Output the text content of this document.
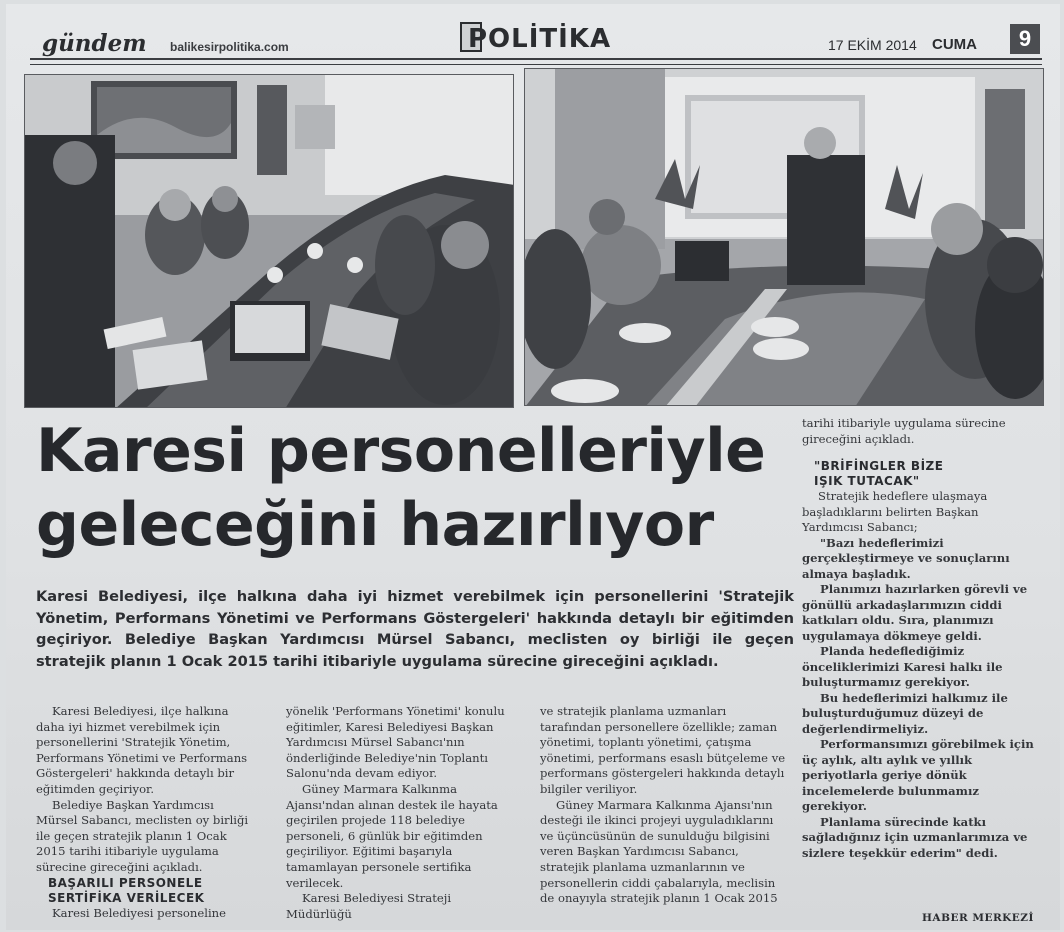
gündem balikesirpolitika.com	POLİTİKA	17 EKİM 2014 CUMA	9
Karesi personelleriyle
geleceğini hazırlıyor
Karesi Belediyesi, ilçe halkına daha iyi hizmet verebilmek için personellerini 'Stratejik Yönetim, Performans Yönetimi ve Performans Göstergeleri' hakkında detaylı bir eğitimden geçiriyor. Belediye Başkan Yardımcısı Mürsel Sabancı, meclisten oy birliği ile geçen stratejik planın 1 Ocak 2015 tarihi itibariyle uygulama sürecine gireceğini açıkladı.

Karesi Belediyesi, ilçe halkına daha iyi hizmet verebilmek için personellerini 'Stratejik Yönetim, Performans Yönetimi ve Performans Göstergeleri' hakkında detaylı bir eğitimden geçiriyor.

Belediye Başkan Yardımcısı Mürsel Sabancı, meclisten oy birliği ile geçen stratejik planın 1 Ocak 2015 tarihi itibariyle uygulama sürecine gireceğini açıkladı.

BAŞARILI PERSONELE
SERTİFİKA VERİLECEK

Karesi Belediyesi personeline

yönelik 'Performans Yönetimi' konulu eğitimler, Karesi Belediyesi Başkan Yardımcısı Mürsel Sabancı'nın önderliğinde Belediye'nin Toplantı Salonu'nda devam ediyor.

Güney Marmara Kalkınma Ajansı'ndan alınan destek ile hayata geçirilen projede 118 belediye personeli, 6 günlük bir eğitimden geçiriliyor. Eğitimi başarıyla tamamlayan personele sertifika verilecek.

Karesi Belediyesi Strateji Müdürlüğü

ve stratejik planlama uzmanları tarafından personellere özellikle; zaman yönetimi, toplantı yönetimi, çatışma yönetimi, performans esaslı bütçeleme ve performans göstergeleri hakkında detaylı bilgiler veriliyor.

Güney Marmara Kalkınma Ajansı'nın desteği ile ikinci projeyi uyguladıklarını ve üçüncüsünün de sunulduğu bilgisini veren Başkan Yardımcısı Sabancı, stratejik planlama uzmanlarının ve personellerin ciddi çabalarıyla, meclisin de onayıyla stratejik planın 1 Ocak 2015

tarihi itibariyle uygulama sürecine gireceğini açıkladı.

"BRİFİNGLER BİZE
IŞIK TUTACAK"

Stratejik hedeflere ulaşmaya başladıklarını belirten Başkan Yardımcısı Sabancı;

"Bazı hedeflerimizi gerçekleştirmeye ve sonuçlarını almaya başladık.

Planımızı hazırlarken görevli ve gönüllü arkadaşlarımızın ciddi katkıları oldu. Sıra, planımızı uygulamaya dökmeye geldi.

Planda hedeflediğimiz önceliklerimizi Karesi halkı ile buluşturmamız gerekiyor.

Bu hedeflerimizi halkımız ile buluşturduğumuz düzeyi de değerlendirmeliyiz.

Performansımızı görebilmek için üç aylık, altı aylık ve yıllık periyotlarla geriye dönük incelemelerde bulunmamız gerekiyor.

Planlama sürecinde katkı sağladığınız için uzmanlarımıza ve sizlere teşekkür ederim" dedi.

HABER MERKEZİ
